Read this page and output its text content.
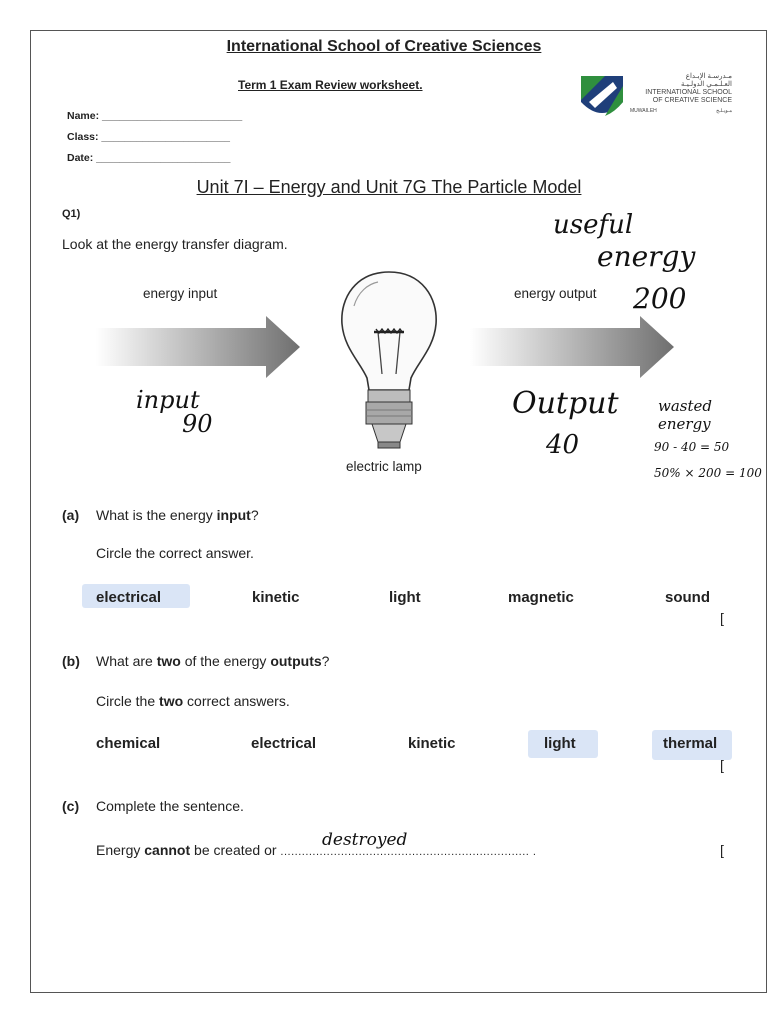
International School of Creative Sciences
Term 1 Exam Review worksheet.
Name: ________________________
Class: ______________________
Date: _______________________
مـدرسـة الإبـداع
العـلـمـي الدولـيـة
INTERNATIONAL SCHOOL
OF CREATIVE SCIENCE
MUWAILEH	مـويـلـح
Unit 7I – Energy and Unit 7G The Particle Model
Q1)
Look at the energy transfer diagram.
energy input	energy output
electric lamp
useful
energy
200
input
90
Output
40
wasted energy
90 - 40 = 50
50% × 200 = 100
(a) What is the energy input?
Circle the correct answer.
electrical	kinetic	light	magnetic	sound
[
(b) What are two of the energy outputs?
Circle the two correct answers.
chemical	electrical	kinetic	light	thermal
[
(c) Complete the sentence.
Energy cannot be created or ...................................................................... .
destroyed	[
